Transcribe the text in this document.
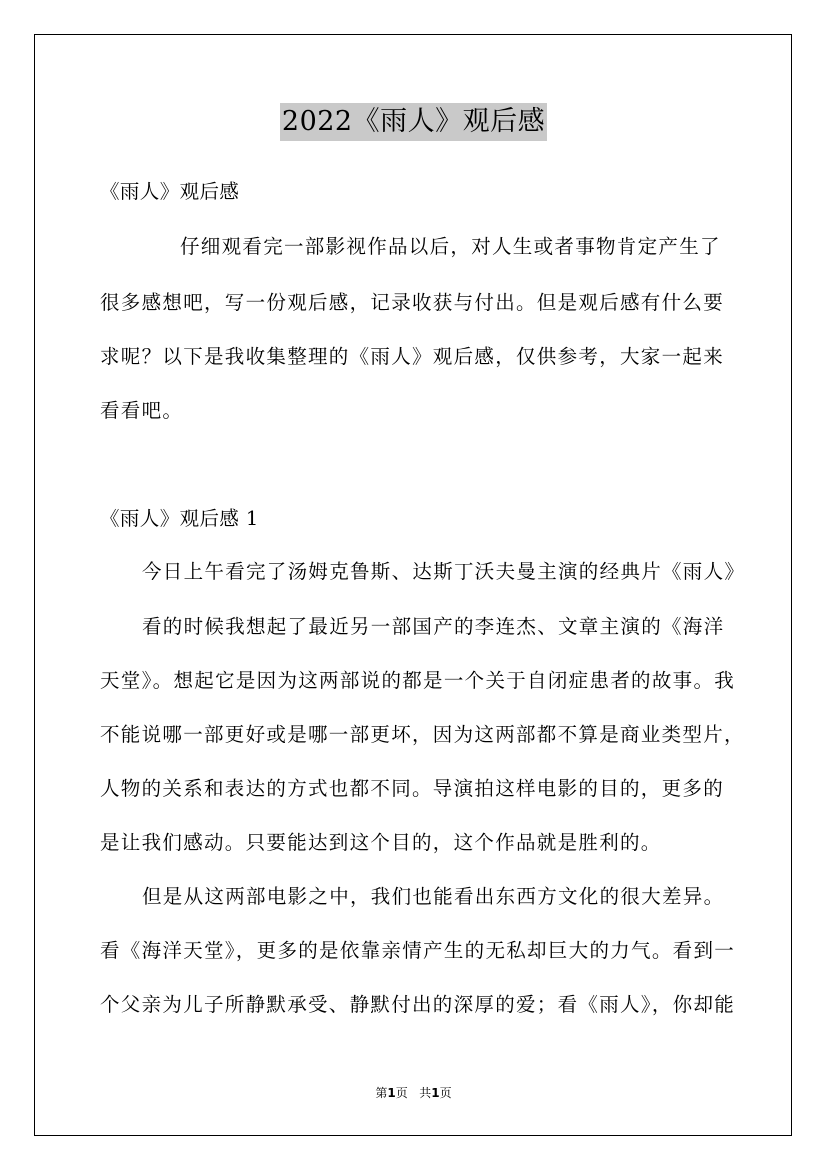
2022《雨人》观后感
《雨人》观后感
仔细观看完一部影视作品以后，对人生或者事物肯定产生了
很多感想吧，写一份观后感，记录收获与付出。但是观后感有什么要
求呢？以下是我收集整理的《雨人》观后感，仅供参考，大家一起来
看看吧。
《雨人》观后感 1
今日上午看完了汤姆克鲁斯、达斯丁沃夫曼主演的经典片《雨人》
看的时候我想起了最近另一部国产的李连杰、文章主演的《海洋
天堂》。想起它是因为这两部说的都是一个关于自闭症患者的故事。我
不能说哪一部更好或是哪一部更坏，因为这两部都不算是商业类型片，
人物的关系和表达的方式也都不同。导演拍这样电影的目的，更多的
是让我们感动。只要能达到这个目的，这个作品就是胜利的。
但是从这两部电影之中，我们也能看出东西方文化的很大差异。
看《海洋天堂》，更多的是依靠亲情产生的无私却巨大的力气。看到一
个父亲为儿子所静默承受、静默付出的深厚的爱；看《雨人》，你却能
第1页 共1页
